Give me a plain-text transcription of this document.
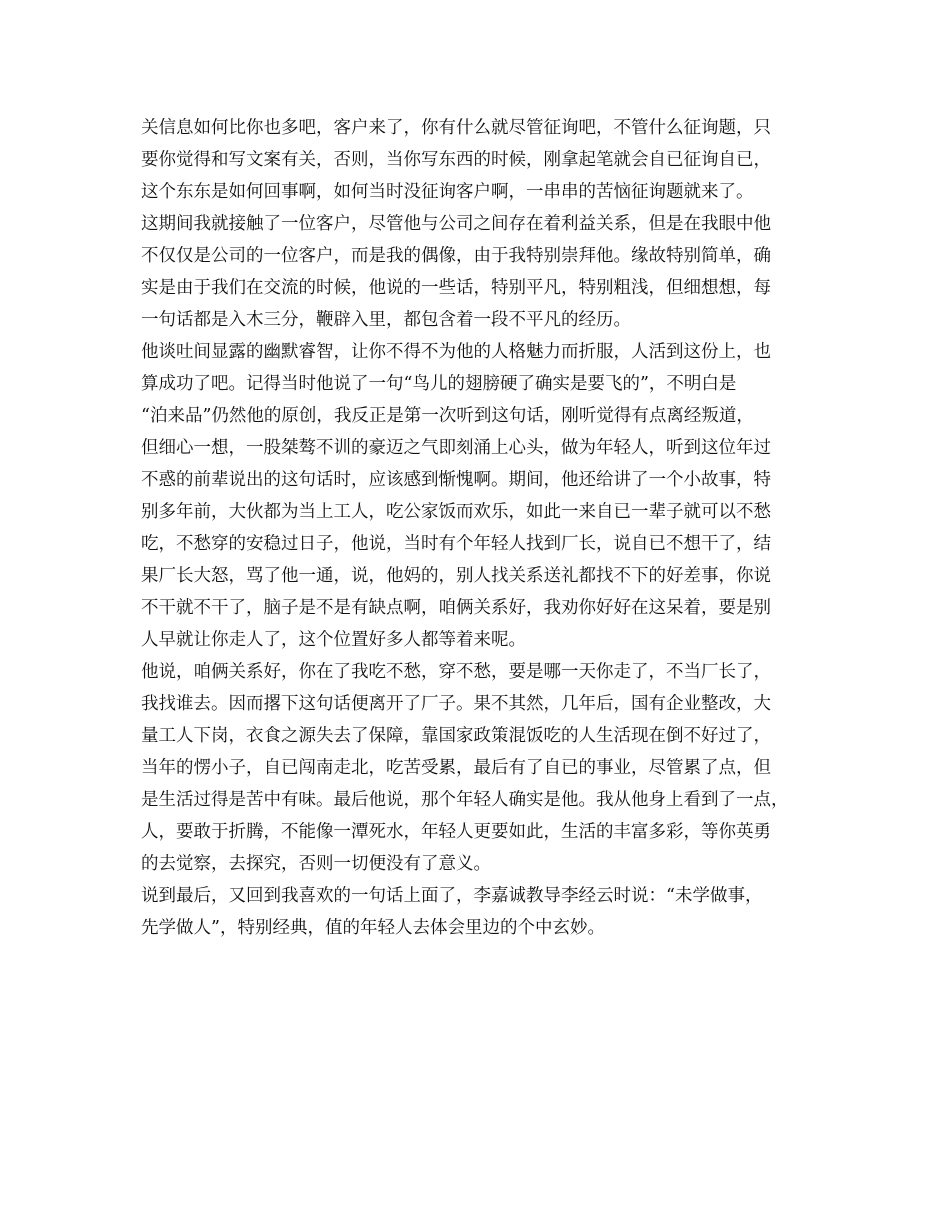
关信息如何比你也多吧，客户来了，你有什么就尽管征询吧，不管什么征询题，只
要你觉得和写文案有关，否则，当你写东西的时候，刚拿起笔就会自已征询自已，
这个东东是如何回事啊，如何当时没征询客户啊，一串串的苦恼征询题就来了。
这期间我就接触了一位客户，尽管他与公司之间存在着利益关系，但是在我眼中他
不仅仅是公司的一位客户，而是我的偶像，由于我特别崇拜他。缘故特别简单，确
实是由于我们在交流的时候，他说的一些话，特别平凡，特别粗浅，但细想想，每
一句话都是入木三分，鞭辟入里，都包含着一段不平凡的经历。
他谈吐间显露的幽默睿智，让你不得不为他的人格魅力而折服，人活到这份上，也
算成功了吧。记得当时他说了一句“鸟儿的翅膀硬了确实是要飞的”，不明白是
“泊来品”仍然他的原创，我反正是第一次听到这句话，刚听觉得有点离经叛道，
但细心一想，一股桀骜不训的豪迈之气即刻涌上心头，做为年轻人，听到这位年过
不惑的前辈说出的这句话时，应该感到惭愧啊。期间，他还给讲了一个小故事，特
别多年前，大伙都为当上工人，吃公家饭而欢乐，如此一来自已一辈子就可以不愁
吃，不愁穿的安稳过日子，他说，当时有个年轻人找到厂长，说自已不想干了，结
果厂长大怒，骂了他一通，说，他妈的，别人找关系送礼都找不下的好差事，你说
不干就不干了，脑子是不是有缺点啊，咱俩关系好，我劝你好好在这呆着，要是别
人早就让你走人了，这个位置好多人都等着来呢。
他说，咱俩关系好，你在了我吃不愁，穿不愁，要是哪一天你走了，不当厂长了，
我找谁去。因而撂下这句话便离开了厂子。果不其然，几年后，国有企业整改，大
量工人下岗，衣食之源失去了保障，靠国家政策混饭吃的人生活现在倒不好过了，
当年的愣小子，自已闯南走北，吃苦受累，最后有了自已的事业，尽管累了点，但
是生活过得是苦中有味。最后他说，那个年轻人确实是他。我从他身上看到了一点，
人，要敢于折腾，不能像一潭死水，年轻人更要如此，生活的丰富多彩，等你英勇
的去觉察，去探究，否则一切便没有了意义。
说到最后，又回到我喜欢的一句话上面了，李嘉诚教导李经云时说：“未学做事，
先学做人”，特别经典，值的年轻人去体会里边的个中玄妙。
